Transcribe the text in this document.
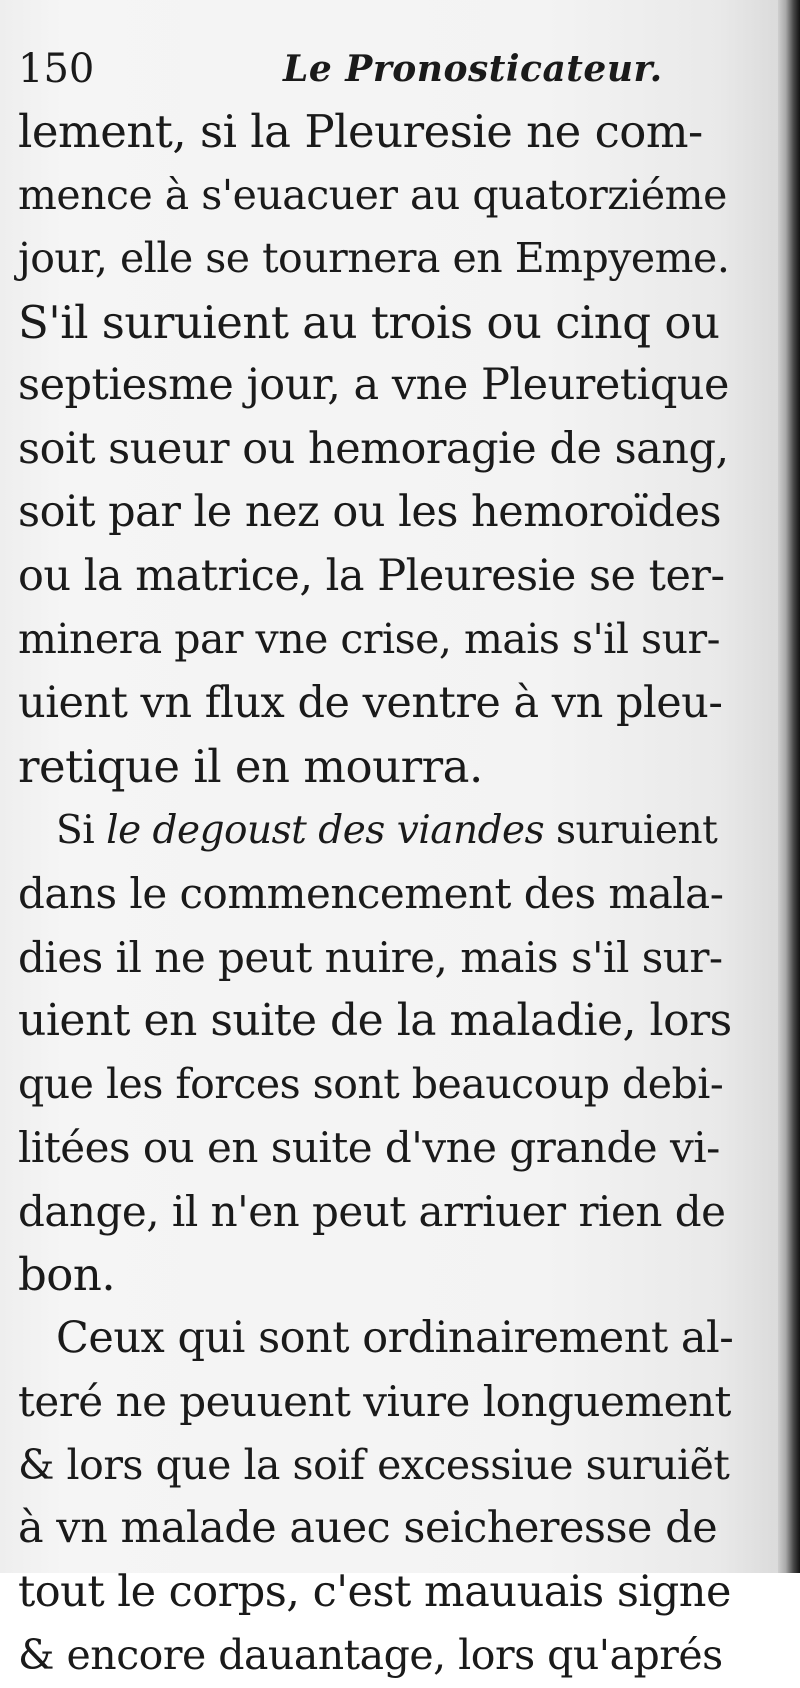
150	Le Pronosticateur.
lement, si la Pleuresie ne com-
mence à s'euacuer au quatorziéme
jour, elle se tournera en Empyeme.
S'il suruient au trois ou cinq ou
septiesme jour, a vne Pleuretique
soit sueur ou hemoragie de sang,
soit par le nez ou les hemoroïdes
ou la matrice, la Pleuresie se ter-
minera par vne crise, mais s'il sur-
uient vn flux de ventre à vn pleu-
retique il en mourra.
Si le degoust des viandes suruient
dans le commencement des mala-
dies il ne peut nuire, mais s'il sur-
uient en suite de la maladie, lors
que les forces sont beaucoup debi-
litées ou en suite d'vne grande vi-
dange, il n'en peut arriuer rien de
bon.
Ceux qui sont ordinairement al-
teré ne peuuent viure longuement
& lors que la soif excessiue suruiẽt
à vn malade auec seicheresse de
tout le corps, c'est mauuais signe
& encore dauantage, lors qu'aprés
